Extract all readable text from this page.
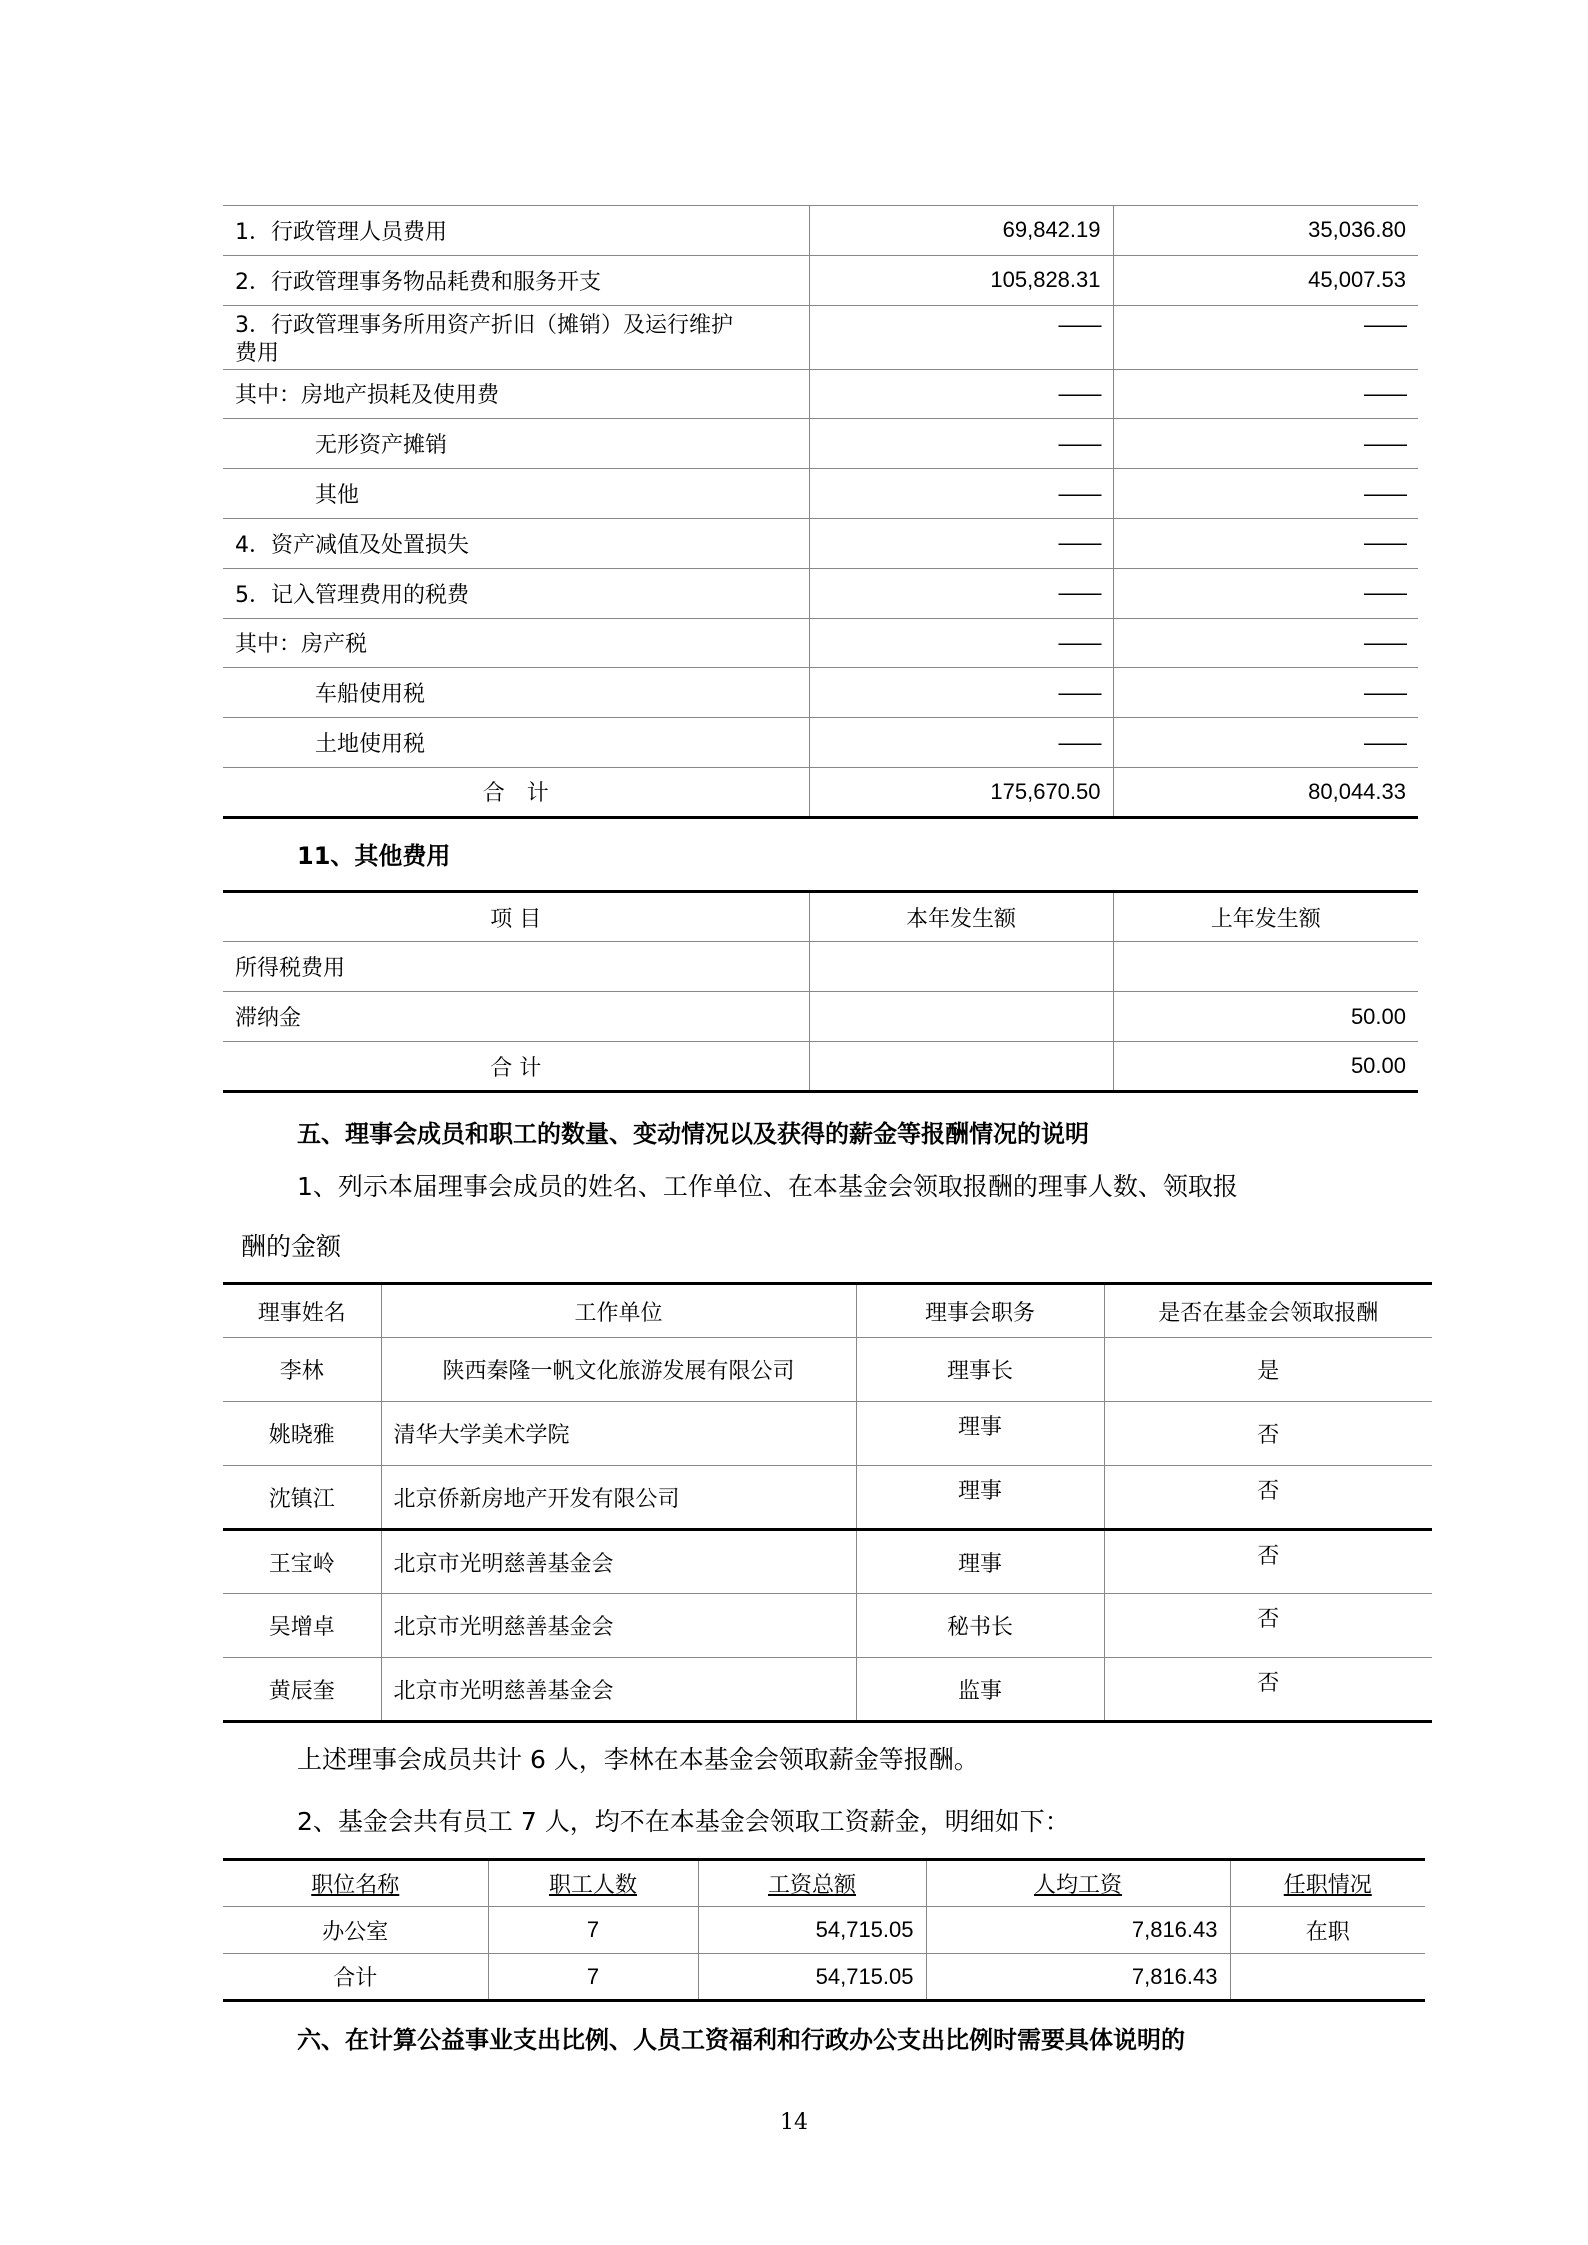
1．行政管理人员费用	69,842.19	35,036.80
2．行政管理事务物品耗费和服务开支	105,828.31	45,007.53

3．行政管理事务所用资产折旧（摊销）及运行维护
费用	——	——
其中：房地产损耗及使用费	——	——
无形资产摊销	——	——
其他	——	——
4．资产减值及处置损失	——	——
5．记入管理费用的税费	——	——
其中：房产税	——	——
车船使用税	——	——
土地使用税	——	——
合　计	175,670.50	80,044.33
11、其他费用
项 目	本年发生额	上年发生额
所得税费用		
滞纳金		50.00
合 计		50.00
五、理事会成员和职工的数量、变动情况以及获得的薪金等报酬情况的说明
1、列示本届理事会成员的姓名、工作单位、在本基金会领取报酬的理事人数、领取报
酬的金额
理事姓名	工作单位	理事会职务	是否在基金会领取报酬
李林	陕西秦隆一帆文化旅游发展有限公司	理事长	是
姚晓雅	清华大学美术学院	理事	否
沈镇江	北京侨新房地产开发有限公司	理事	否
王宝岭	北京市光明慈善基金会	理事	否
吴增卓	北京市光明慈善基金会	秘书长	否
黄辰奎	北京市光明慈善基金会	监事	否
上述理事会成员共计 6 人，李林在本基金会领取薪金等报酬。
2、基金会共有员工 7 人，均不在本基金会领取工资薪金，明细如下：
职位名称	职工人数	工资总额	人均工资	任职情况
办公室	7	54,715.05	7,816.43	在职
合计	7	54,715.05	7,816.43	
六、在计算公益事业支出比例、人员工资福利和行政办公支出比例时需要具体说明的
14
